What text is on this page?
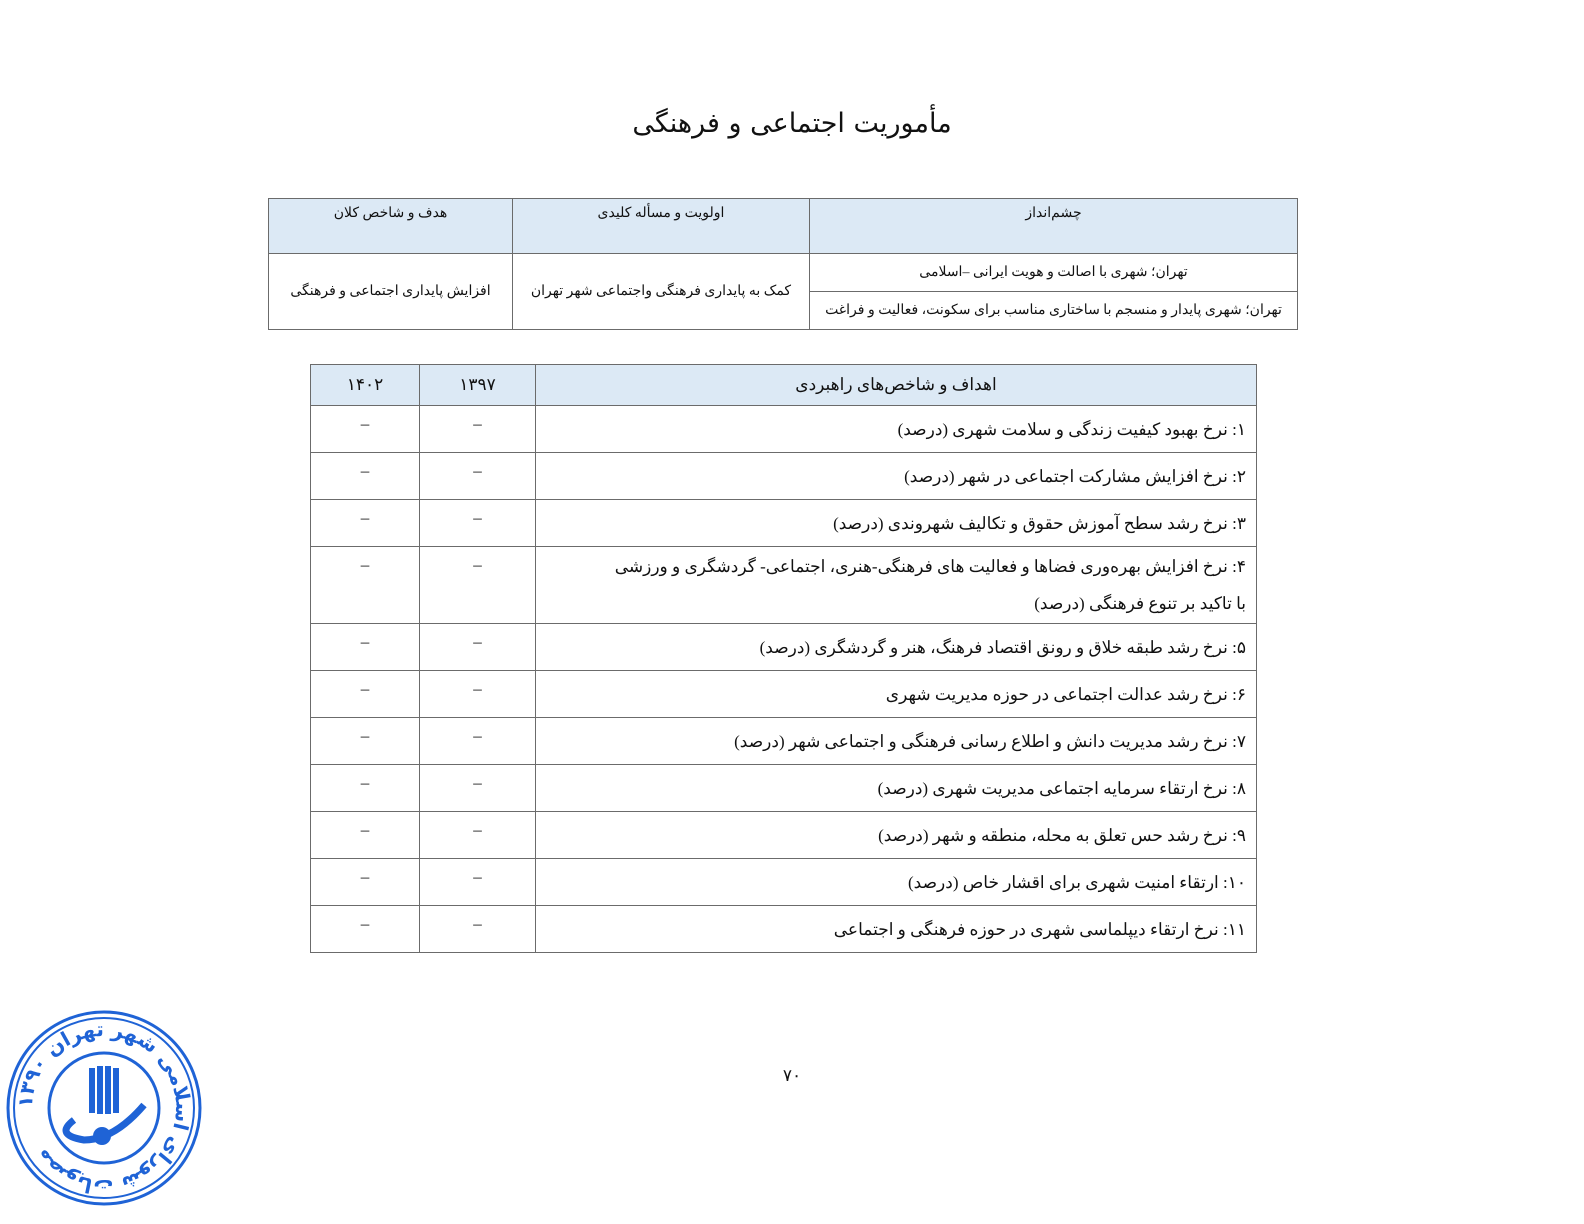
مأموریت اجتماعی و فرهنگی
چشم‌انداز	اولویت و مسأله کلیدی	هدف و شاخص کلان
تهران؛ شهری با اصالت و هویت ایرانی –اسلامی	کمک به پایداری فرهنگی واجتماعی شهر تهران	افزایش پایداری اجتماعی و فرهنگی
تهران؛ شهری پایدار و منسجم با ساختاری مناسب برای سکونت، فعالیت و فراغت		
اهداف و شاخص‌های راهبردی	۱۳۹۷	۱۴۰۲

۱: نرخ بهبود کیفیت زندگی و سلامت شهری (درصد)	–	–

۲: نرخ افزایش مشارکت اجتماعی در شهر (درصد)	–	–

۳: نرخ رشد سطح آموزش حقوق و تکالیف شهروندی (درصد)	–	–

۴: نرخ افزایش بهره‌وری فضاها و فعالیت های فرهنگی-هنری، اجتماعی- گردشگری و ورزشی
با تاکید بر تنوع فرهنگی (درصد)	–	–

۵: نرخ رشد طبقه خلاق و رونق اقتصاد فرهنگ، هنر و گردشگری (درصد)	–	–

۶: نرخ رشد عدالت اجتماعی در حوزه مدیریت شهری	–	–

۷: نرخ رشد مدیریت دانش و اطلاع رسانی فرهنگی و اجتماعی شهر (درصد)	–	–

۸: نرخ ارتقاء سرمایه اجتماعی مدیریت شهری (درصد)	–	–

۹: نرخ رشد حس تعلق به محله، منطقه و شهر (درصد)	–	–

۱۰: ارتقاء امنیت شهری برای اقشار خاص (درصد)	–	–

۱۱: نرخ ارتقاء دیپلماسی شهری در حوزه فرهنگی و اجتماعی	–	–
۷۰
مصوبات شورای اسلامی شهر تهران ۱۳۹۰
